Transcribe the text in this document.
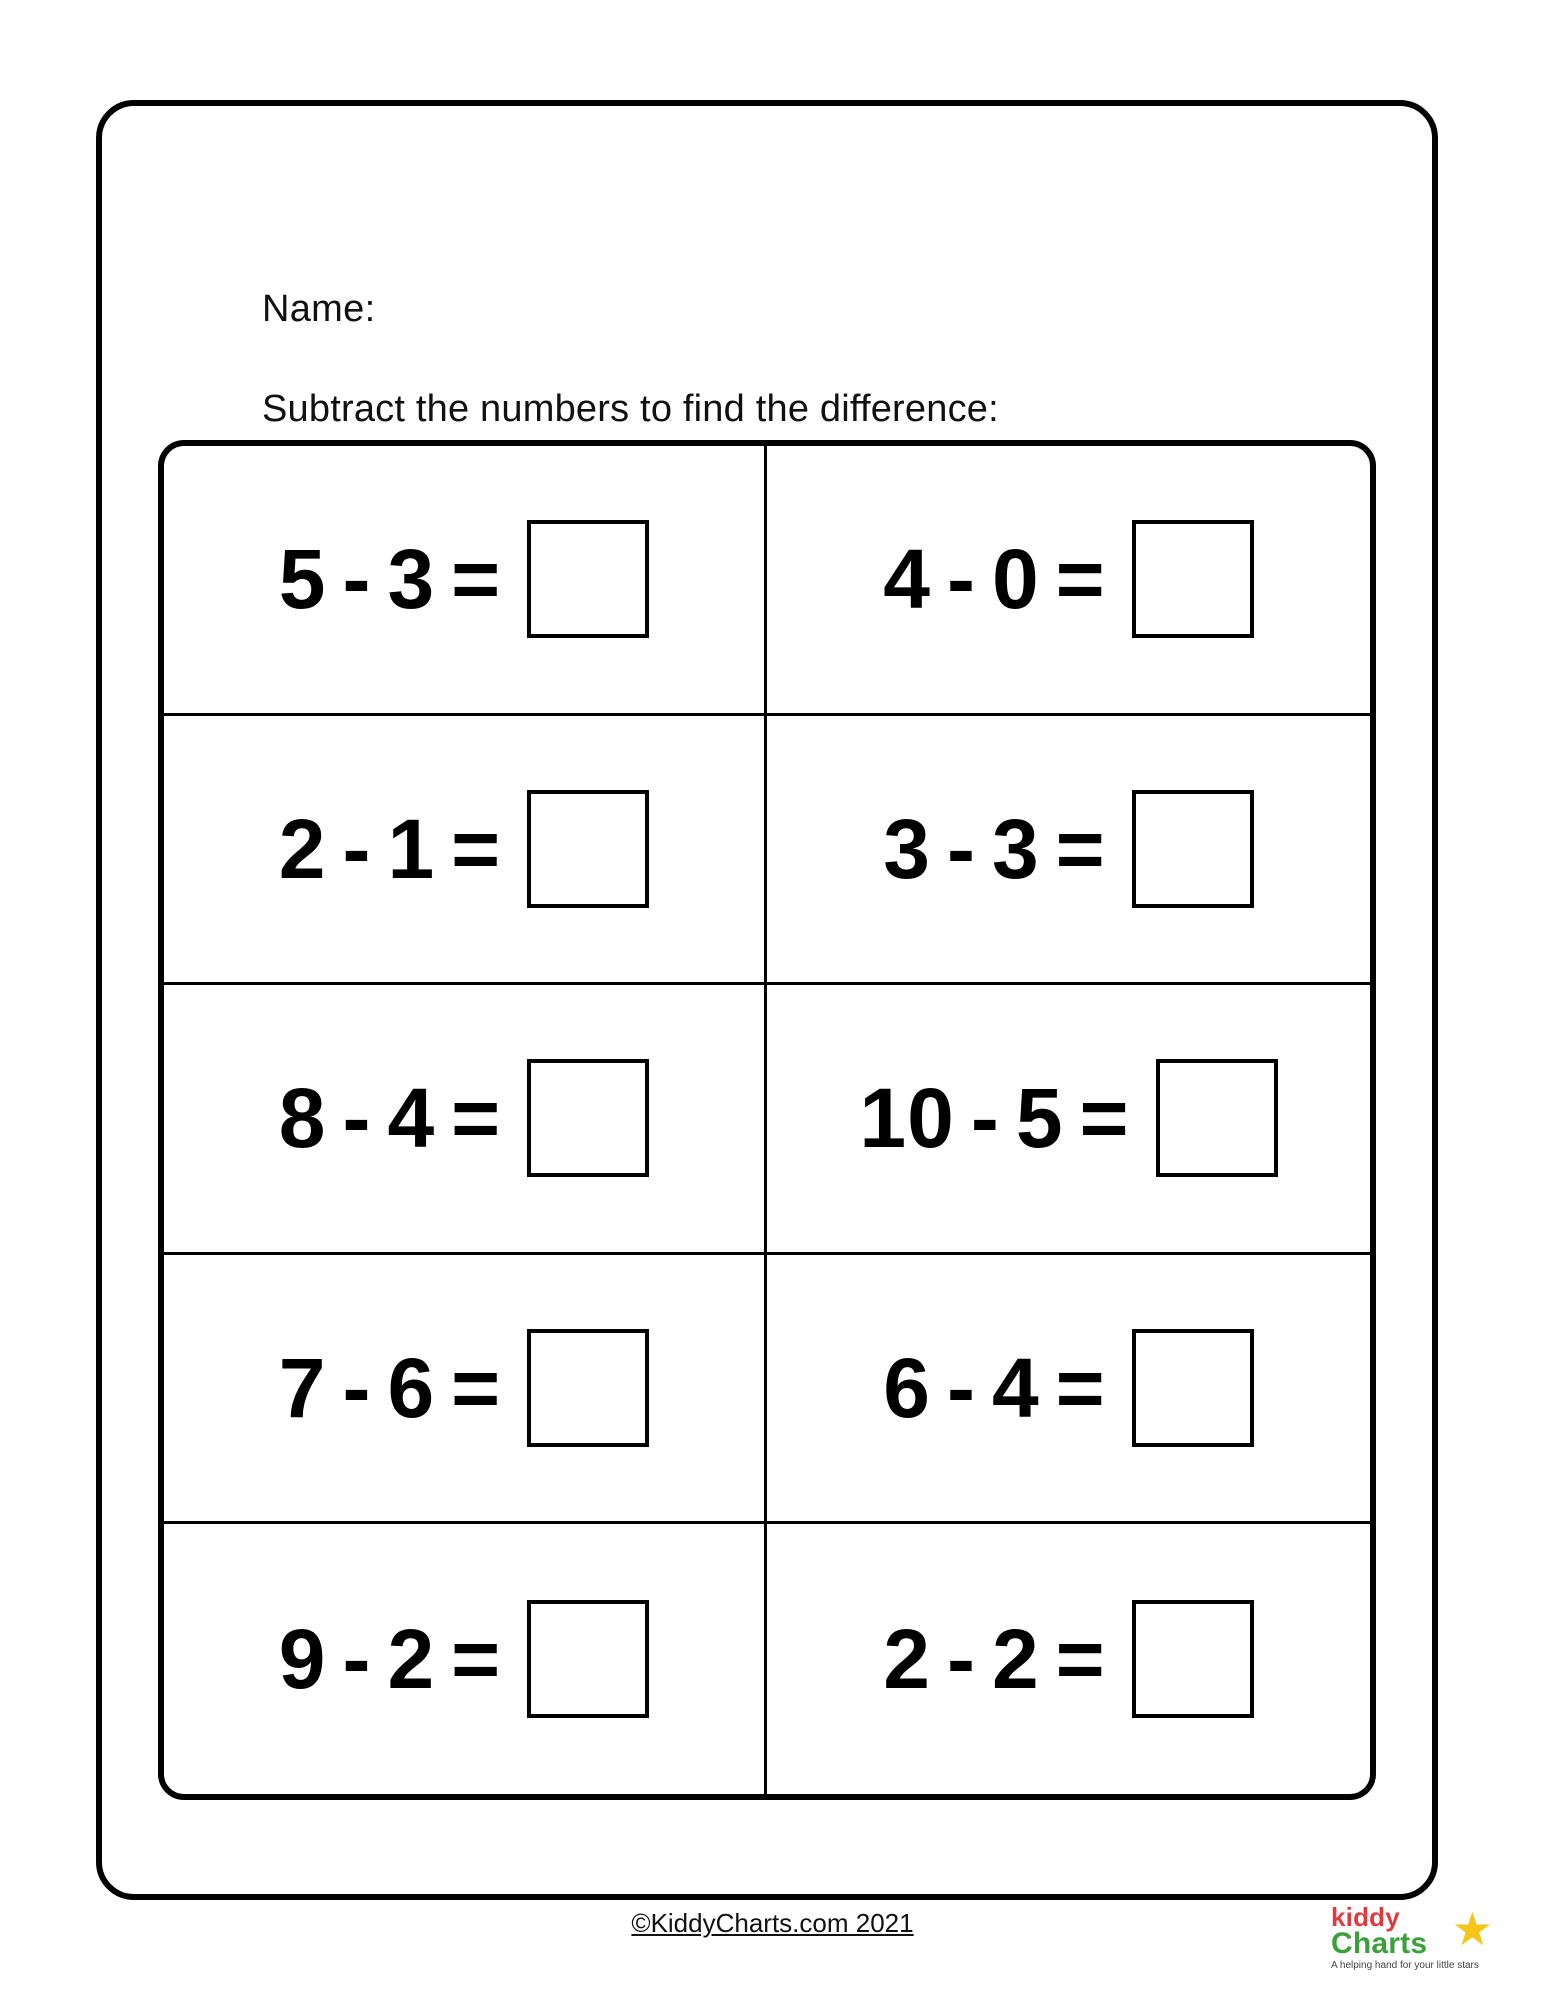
Name:
Subtract the numbers to find the difference:
5 - 3 =	4 - 0 =
2 - 1 =	3 - 3 =
8 - 4 =	10 - 5 =
7 - 6 =	6 - 4 =
9 - 2 =	2 - 2 =
©KiddyCharts.com 2021	kiddy
Charts
A helping hand for your little stars
★
